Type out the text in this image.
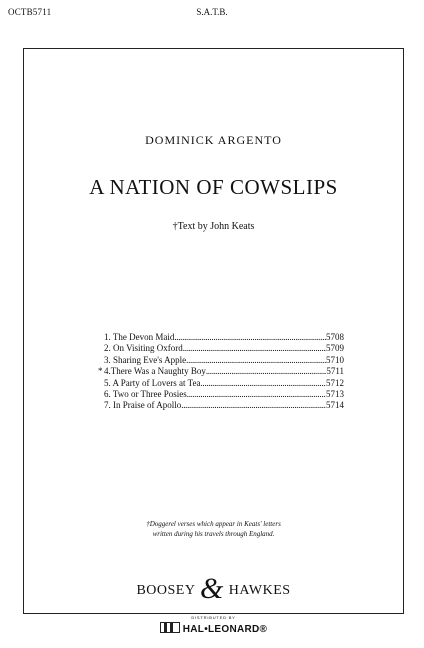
OCTB5711	S.A.T.B.
DOMINICK ARGENTO
A NATION OF COWSLIPS
†Text by John Keats
1. The Devon Maid .....	5708
2. On Visiting Oxford .....	5709
3. Sharing Eve's Apple .....	5710
* 4.There Was a Naughty Boy .....	5711
5. A Party of Lovers at Tea .....	5712
6. Two or Three Posies .....	5713
7. In Praise of Apollo .....	5714
†Doggerel verses which appear in Keats' letters
written during his travels through England.
BOOSEY & HAWKES
DISTRIBUTED BY
HAL•LEONARD®
